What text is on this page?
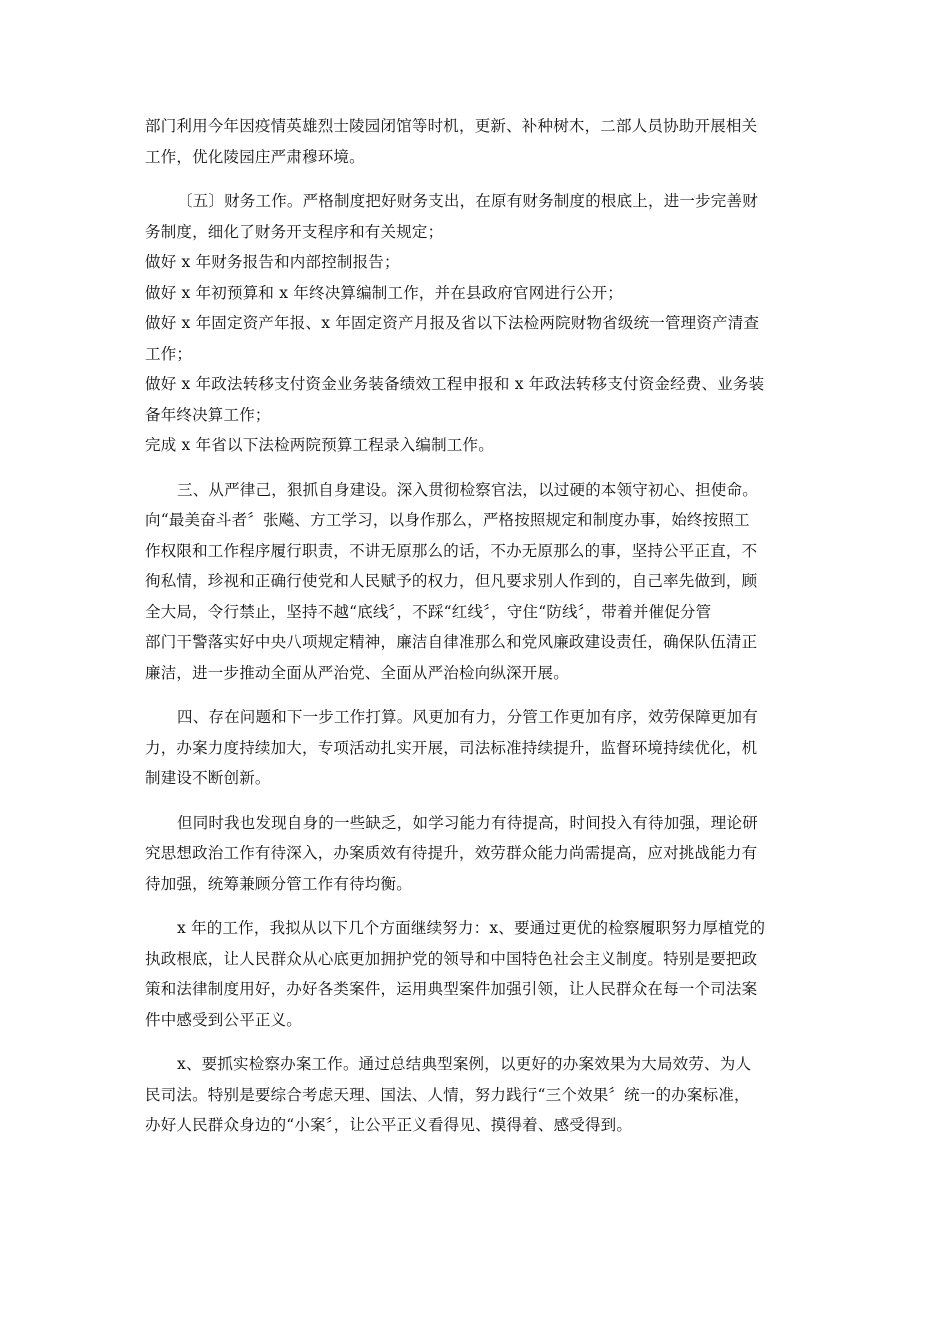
部门利用今年因疫情英雄烈士陵园闭馆等时机，更新、补种树木，二部人员协助开展相关
工作，优化陵园庄严肃穆环境。
〔五〕财务工作。严格制度把好财务支出，在原有财务制度的根底上，进一步完善财
务制度，细化了财务开支程序和有关规定；
做好 x 年财务报告和内部控制报告；
做好 x 年初预算和 x 年终决算编制工作，并在县政府官网进行公开；
做好 x 年固定资产年报、x 年固定资产月报及省以下法检两院财物省级统一管理资产清查
工作；
做好 x 年政法转移支付资金业务装备绩效工程申报和 x 年政法转移支付资金经费、业务装
备年终决算工作；
完成 x 年省以下法检两院预算工程录入编制工作。
三、从严律己，狠抓自身建设。深入贯彻检察官法，以过硬的本领守初心、担使命。
向“最美奋斗者〞张飚、方工学习，以身作那么，严格按照规定和制度办事，始终按照工
作权限和工作程序履行职责，不讲无原那么的话，不办无原那么的事，坚持公平正直，不
徇私情，珍视和正确行使党和人民赋予的权力，但凡要求别人作到的，自己率先做到，顾
全大局，令行禁止，坚持不越“底线〞，不踩“红线〞，守住“防线〞，带着并催促分管
部门干警落实好中央八项规定精神，廉洁自律准那么和党风廉政建设责任，确保队伍清正
廉洁，进一步推动全面从严治党、全面从严治检向纵深开展。
四、存在问题和下一步工作打算。风更加有力，分管工作更加有序，效劳保障更加有
力，办案力度持续加大，专项活动扎实开展，司法标准持续提升，监督环境持续优化，机
制建设不断创新。
但同时我也发现自身的一些缺乏，如学习能力有待提高，时间投入有待加强，理论研
究思想政治工作有待深入，办案质效有待提升，效劳群众能力尚需提高，应对挑战能力有
待加强，统筹兼顾分管工作有待均衡。
x 年的工作，我拟从以下几个方面继续努力：x、要通过更优的检察履职努力厚植党的
执政根底，让人民群众从心底更加拥护党的领导和中国特色社会主义制度。特别是要把政
策和法律制度用好，办好各类案件，运用典型案件加强引领，让人民群众在每一个司法案
件中感受到公平正义。
x、要抓实检察办案工作。通过总结典型案例，以更好的办案效果为大局效劳、为人
民司法。特别是要综合考虑天理、国法、人情，努力践行“三个效果〞统一的办案标准，
办好人民群众身边的“小案〞，让公平正义看得见、摸得着、感受得到。
